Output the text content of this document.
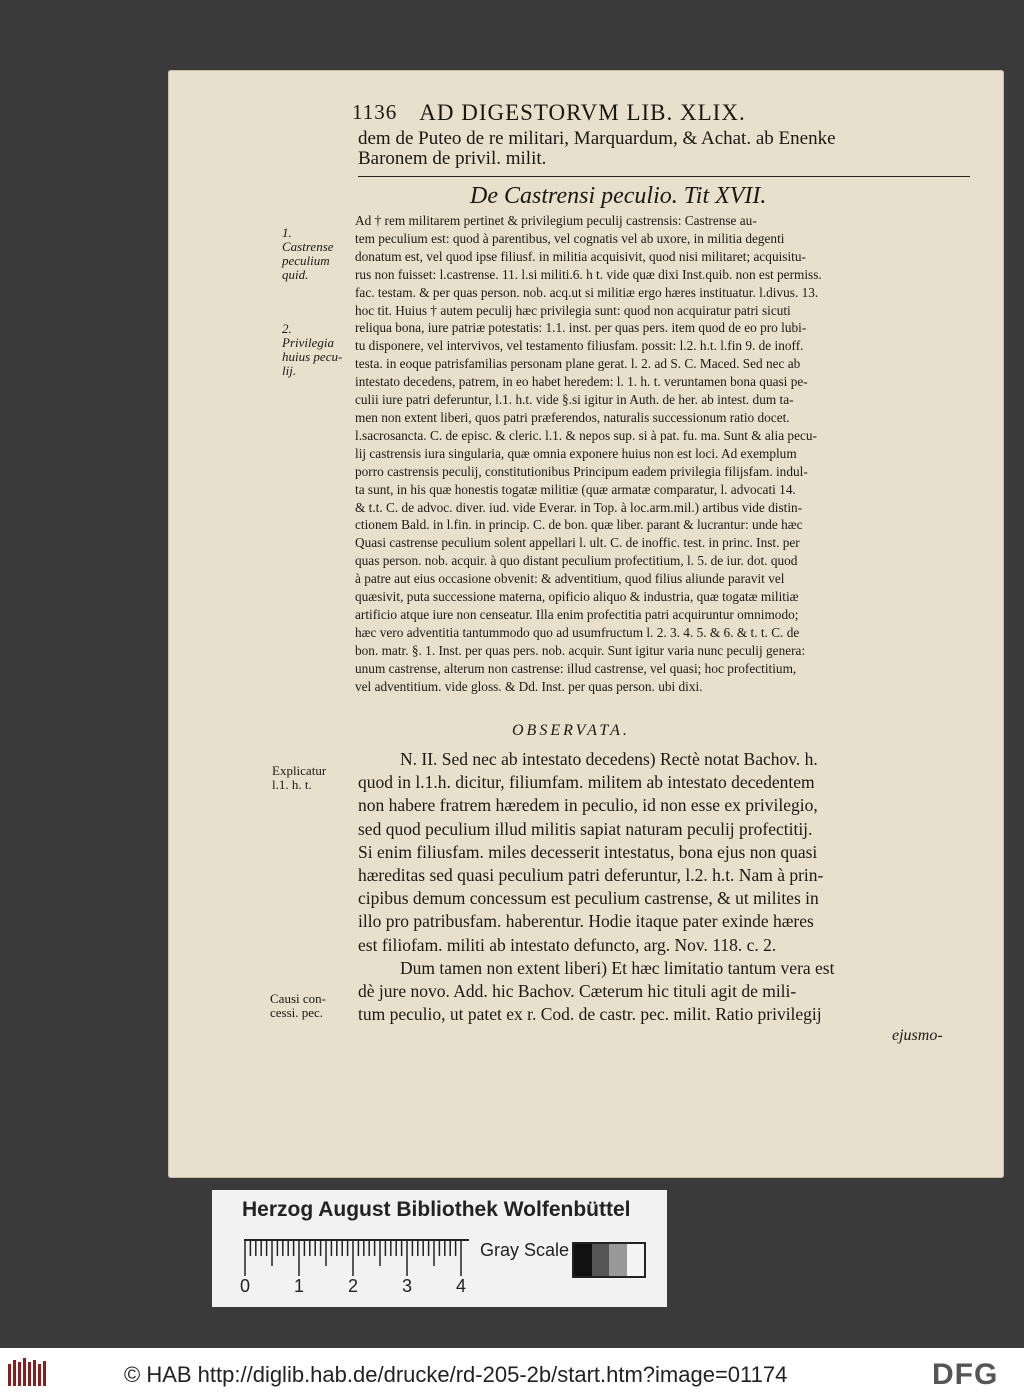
1136 AD DIGESTORVM LIB. XLIX.
dem de Puteo de re militari, Marquardum, & Achat. ab Enenke
Baronem de privil. milit.
De Castrensi peculio. Tit XVII.
Ad † rem militarem pertinet & privilegium peculij castrensis: Castrense au-
tem peculium est: quod à parentibus, vel cognatis vel ab uxore, in militia degenti
donatum est, vel quod ipse filiusf. in militia acquisivit, quod nisi militaret; acquisitu-
rus non fuisset: l.castrense. 11. l.si militi.6. h t. vide quæ dixi Inst.quib. non est permiss.
fac. testam. & per quas person. nob. acq.ut si militiæ ergo hæres instituatur. l.divus. 13.
hoc tit. Huius † autem peculij hæc privilegia sunt: quod non acquiratur patri sicuti
reliqua bona, iure patriæ potestatis: 1.1. inst. per quas pers. item quod de eo pro lubi-
tu disponere, vel intervivos, vel testamento filiusfam. possit: l.2. h.t. l.fin 9. de inoff.
testa. in eoque patrisfamilias personam plane gerat. l. 2. ad S. C. Maced. Sed nec ab
intestato decedens, patrem, in eo habet heredem: l. 1. h. t. veruntamen bona quasi pe-
culii iure patri deferuntur, l.1. h.t. vide §.si igitur in Auth. de her. ab intest. dum ta-
men non extent liberi, quos patri præferendos, naturalis successionum ratio docet.
l.sacrosancta. C. de episc. & cleric. l.1. & nepos sup. si à pat. fu. ma. Sunt & alia pecu-
lij castrensis iura singularia, quæ omnia exponere huius non est loci. Ad exemplum
porro castrensis peculij, constitutionibus Principum eadem privilegia filijsfam. indul-
ta sunt, in his quæ honestis togatæ militiæ (quæ armatæ comparatur, l. advocati 14.
& t.t. C. de advoc. diver. iud. vide Everar. in Top. à loc.arm.mil.) artibus vide distin-
ctionem Bald. in l.fin. in princip. C. de bon. quæ liber. parant & lucrantur: unde hæc
Quasi castrense peculium solent appellari l. ult. C. de inoffic. test. in princ. Inst. per
quas person. nob. acquir. à quo distant peculium profectitium, l. 5. de iur. dot. quod
à patre aut eius occasione obvenit: & adventitium, quod filius aliunde paravit vel
quæsivit, puta successione materna, opificio aliquo & industria, quæ togatæ militiæ
artificio atque iure non censeatur. Illa enim profectitia patri acquiruntur omnimodo;
hæc vero adventitia tantummodo quo ad usumfructum l. 2. 3. 4. 5. & 6. & t. t. C. de
bon. matr. §. 1. Inst. per quas pers. nob. acquir. Sunt igitur varia nunc peculij genera:
unum castrense, alterum non castrense: illud castrense, vel quasi; hoc profectitium,
vel adventitium. vide gloss. & Dd. Inst. per quas person. ubi dixi.
OBSERVATA.
N. II. Sed nec ab intestato decedens) Rectè notat Bachov. h.
quod in l.1.h. dicitur, filiumfam. militem ab intestato decedentem
non habere fratrem hæredem in peculio, id non esse ex privilegio,
sed quod peculium illud militis sapiat naturam peculij profectitij.
Si enim filiusfam. miles decesserit intestatus, bona ejus non quasi
hæreditas sed quasi peculium patri deferuntur, l.2. h.t. Nam à prin-
cipibus demum concessum est peculium castrense, & ut milites in
illo pro patribusfam. haberentur. Hodie itaque pater exinde hæres
est filiofam. militi ab intestato defuncto, arg. Nov. 118. c. 2.
Dum tamen non extent liberi) Et hæc limitatio tantum vera est
dè jure novo. Add. hic Bachov. Cæterum hic tituli agit de mili-
tum peculio, ut patet ex r. Cod. de castr. pec. milit. Ratio privilegij
1.
Castrense
peculium
quid.
2.
Privilegia
huius pecu-
lij.
Explicatur
l.1. h. t.
Causi con-
cessi. pec.
ejusmo-
Herzog August Bibliothek Wolfenbüttel
0 1 2 3 4
Gray Scale
© HAB http://diglib.hab.de/drucke/rd-205-2b/start.htm?image=01174	DFG
